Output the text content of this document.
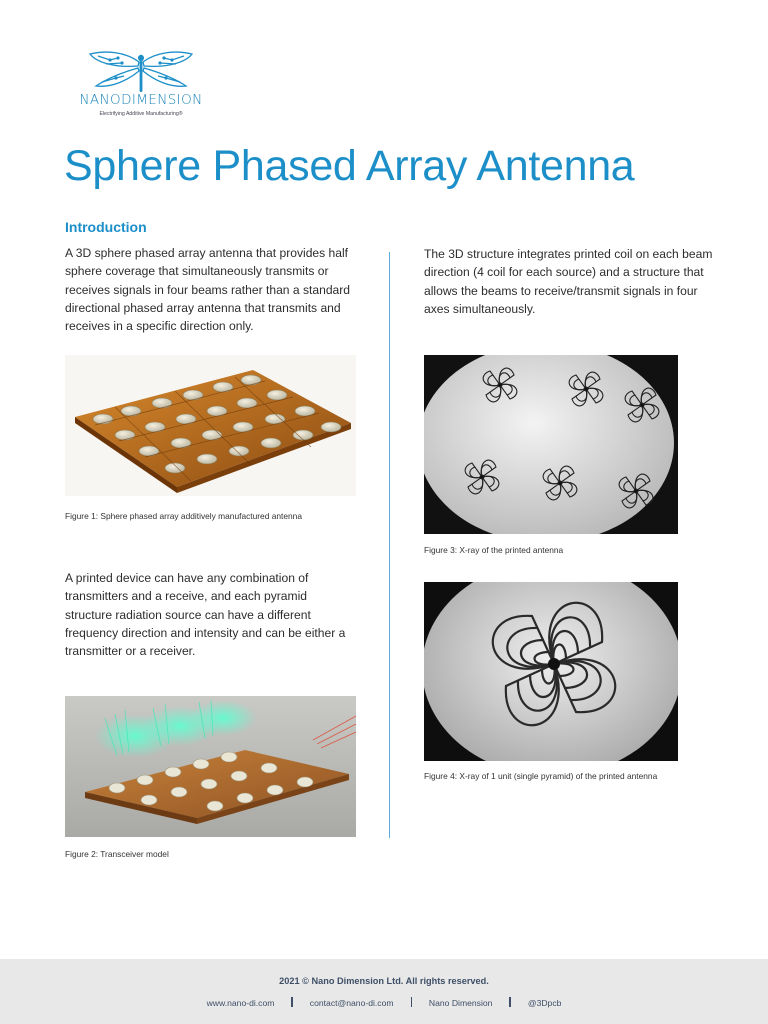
NANODIMENSION
Electrifying Additive Manufacturing®
Sphere Phased Array Antenna
Introduction

A 3D sphere phased array antenna that provides half sphere coverage that simultaneously transmits or receives signals in four beams rather than a standard directional phased array antenna that transmits and receives in a specific direction only.

The 3D structure integrates printed coil on each beam direction (4 coil for each source) and a structure that allows the beams to receive/transmit signals in four axes simultaneously.

A printed device can have any combination of transmitters and a receive, and each pyramid structure radiation source can have a different frequency direction and intensity and can be either a transmitter or a receiver.

Figure 1: Sphere phased array additively manufactured antenna
Figure 2: Transceiver model
Figure 3: X-ray of the printed antenna
Figure 4: X-ray of 1 unit (single pyramid) of the printed antenna
2021 © Nano Dimension Ltd. All rights reserved.
www.nano-di.com	contact@nano-di.com	Nano Dimension	@3Dpcb
